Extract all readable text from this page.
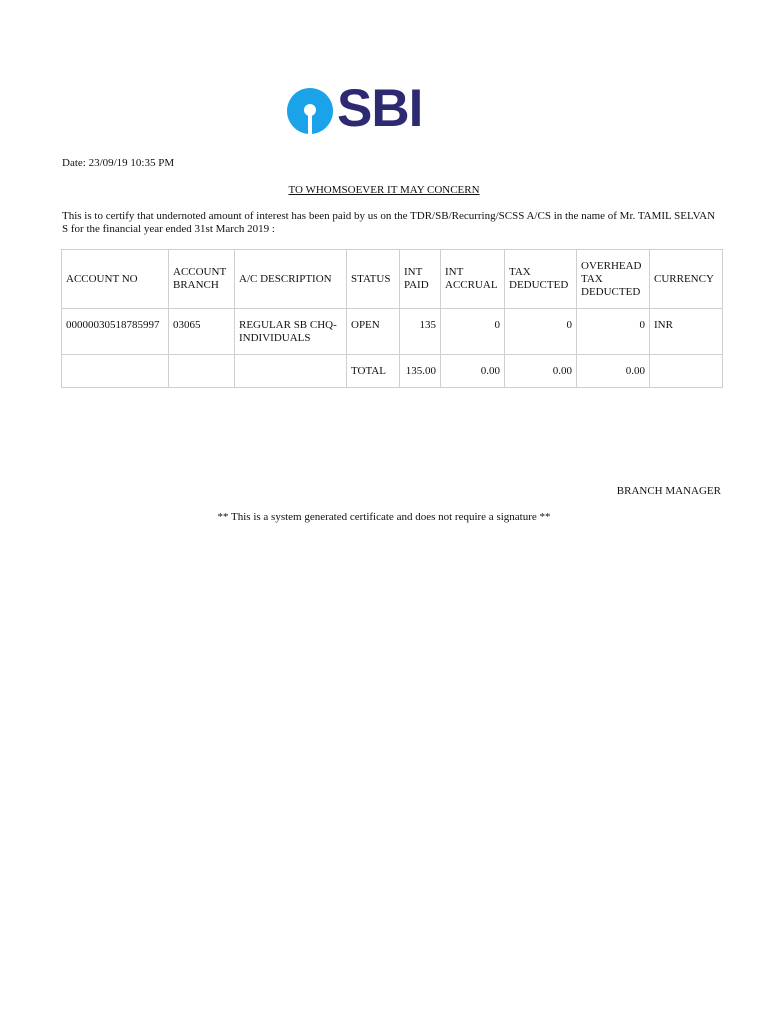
SBI
Date: 23/09/19 10:35 PM
TO WHOMSOEVER IT MAY CONCERN
This is to certify that undernoted amount of interest has been paid by us on the TDR/SB/Recurring/SCSS A/CS in the name of Mr. TAMIL SELVAN S for the financial year ended 31st March 2019 :
ACCOUNT NO	ACCOUNT BRANCH	A/C DESCRIPTION	STATUS	INT PAID	INT ACCRUAL	TAX DEDUCTED	OVERHEAD TAX DEDUCTED	CURRENCY
00000030518785997	03065	REGULAR SB CHQ-INDIVIDUALS	OPEN	135	0	0	0	INR
			TOTAL	135.00	0.00	0.00	0.00	
BRANCH MANAGER
** This is a system generated certificate and does not require a signature **
